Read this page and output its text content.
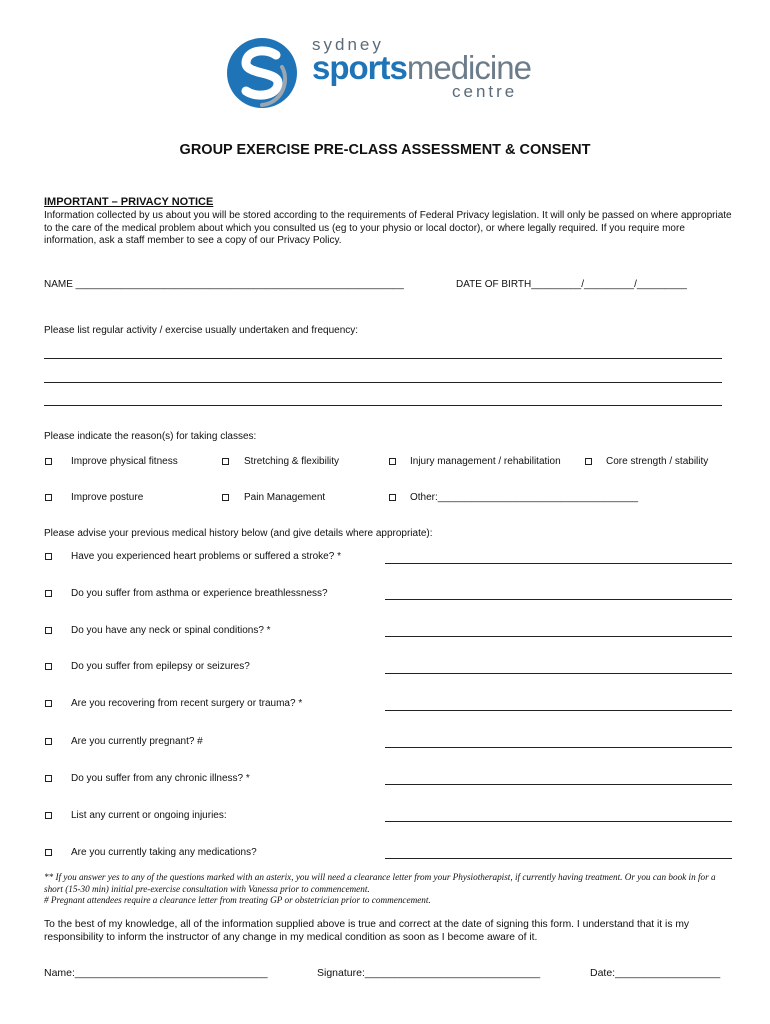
sydney
sportsmedicine
centre
GROUP EXERCISE PRE-CLASS ASSESSMENT & CONSENT
IMPORTANT – PRIVACY NOTICE
Information collected by us about you will be stored according to the requirements of Federal Privacy legislation. It will only be passed on where appropriate to the care of the medical problem about which you consulted us (eg to your physio or local doctor), or where legally required. If you require more information, ask a staff member to see a copy of our Privacy Policy.
NAME ___________________________________________________________	DATE OF BIRTH_________/_________/_________
Please list regular activity / exercise usually undertaken and frequency:
Please indicate the reason(s) for taking classes:
Improve physical fitness	Stretching & flexibility	Injury management / rehabilitation	Core strength / stability
Improve posture	Pain Management	Other:____________________________________
Please advise your previous medical history below (and give details where appropriate):
Have you experienced heart problems or suffered a stroke? *
Do you suffer from asthma or experience breathlessness?
Do you have any neck or spinal conditions? *
Do you suffer from epilepsy or seizures?
Are you recovering from recent surgery or trauma? *
Are you currently pregnant? #
Do you suffer from any chronic illness? *
List any current or ongoing injuries:
Are you currently taking any medications?
** If you answer yes to any of the questions marked with an asterix, you will need a clearance letter from your Physiotherapist, if currently having treatment. Or you can book in for a short (15-30 min) initial pre-exercise consultation with Vanessa prior to commencement.
# Pregnant attendees require a clearance letter from treating GP or obstetrician prior to commencement.
To the best of my knowledge, all of the information supplied above is true and correct at the date of signing this form. I understand that it is my responsibility to inform the instructor of any change in my medical condition as soon as I become aware of it.
Name:_________________________________	Signature:______________________________	Date:__________________
